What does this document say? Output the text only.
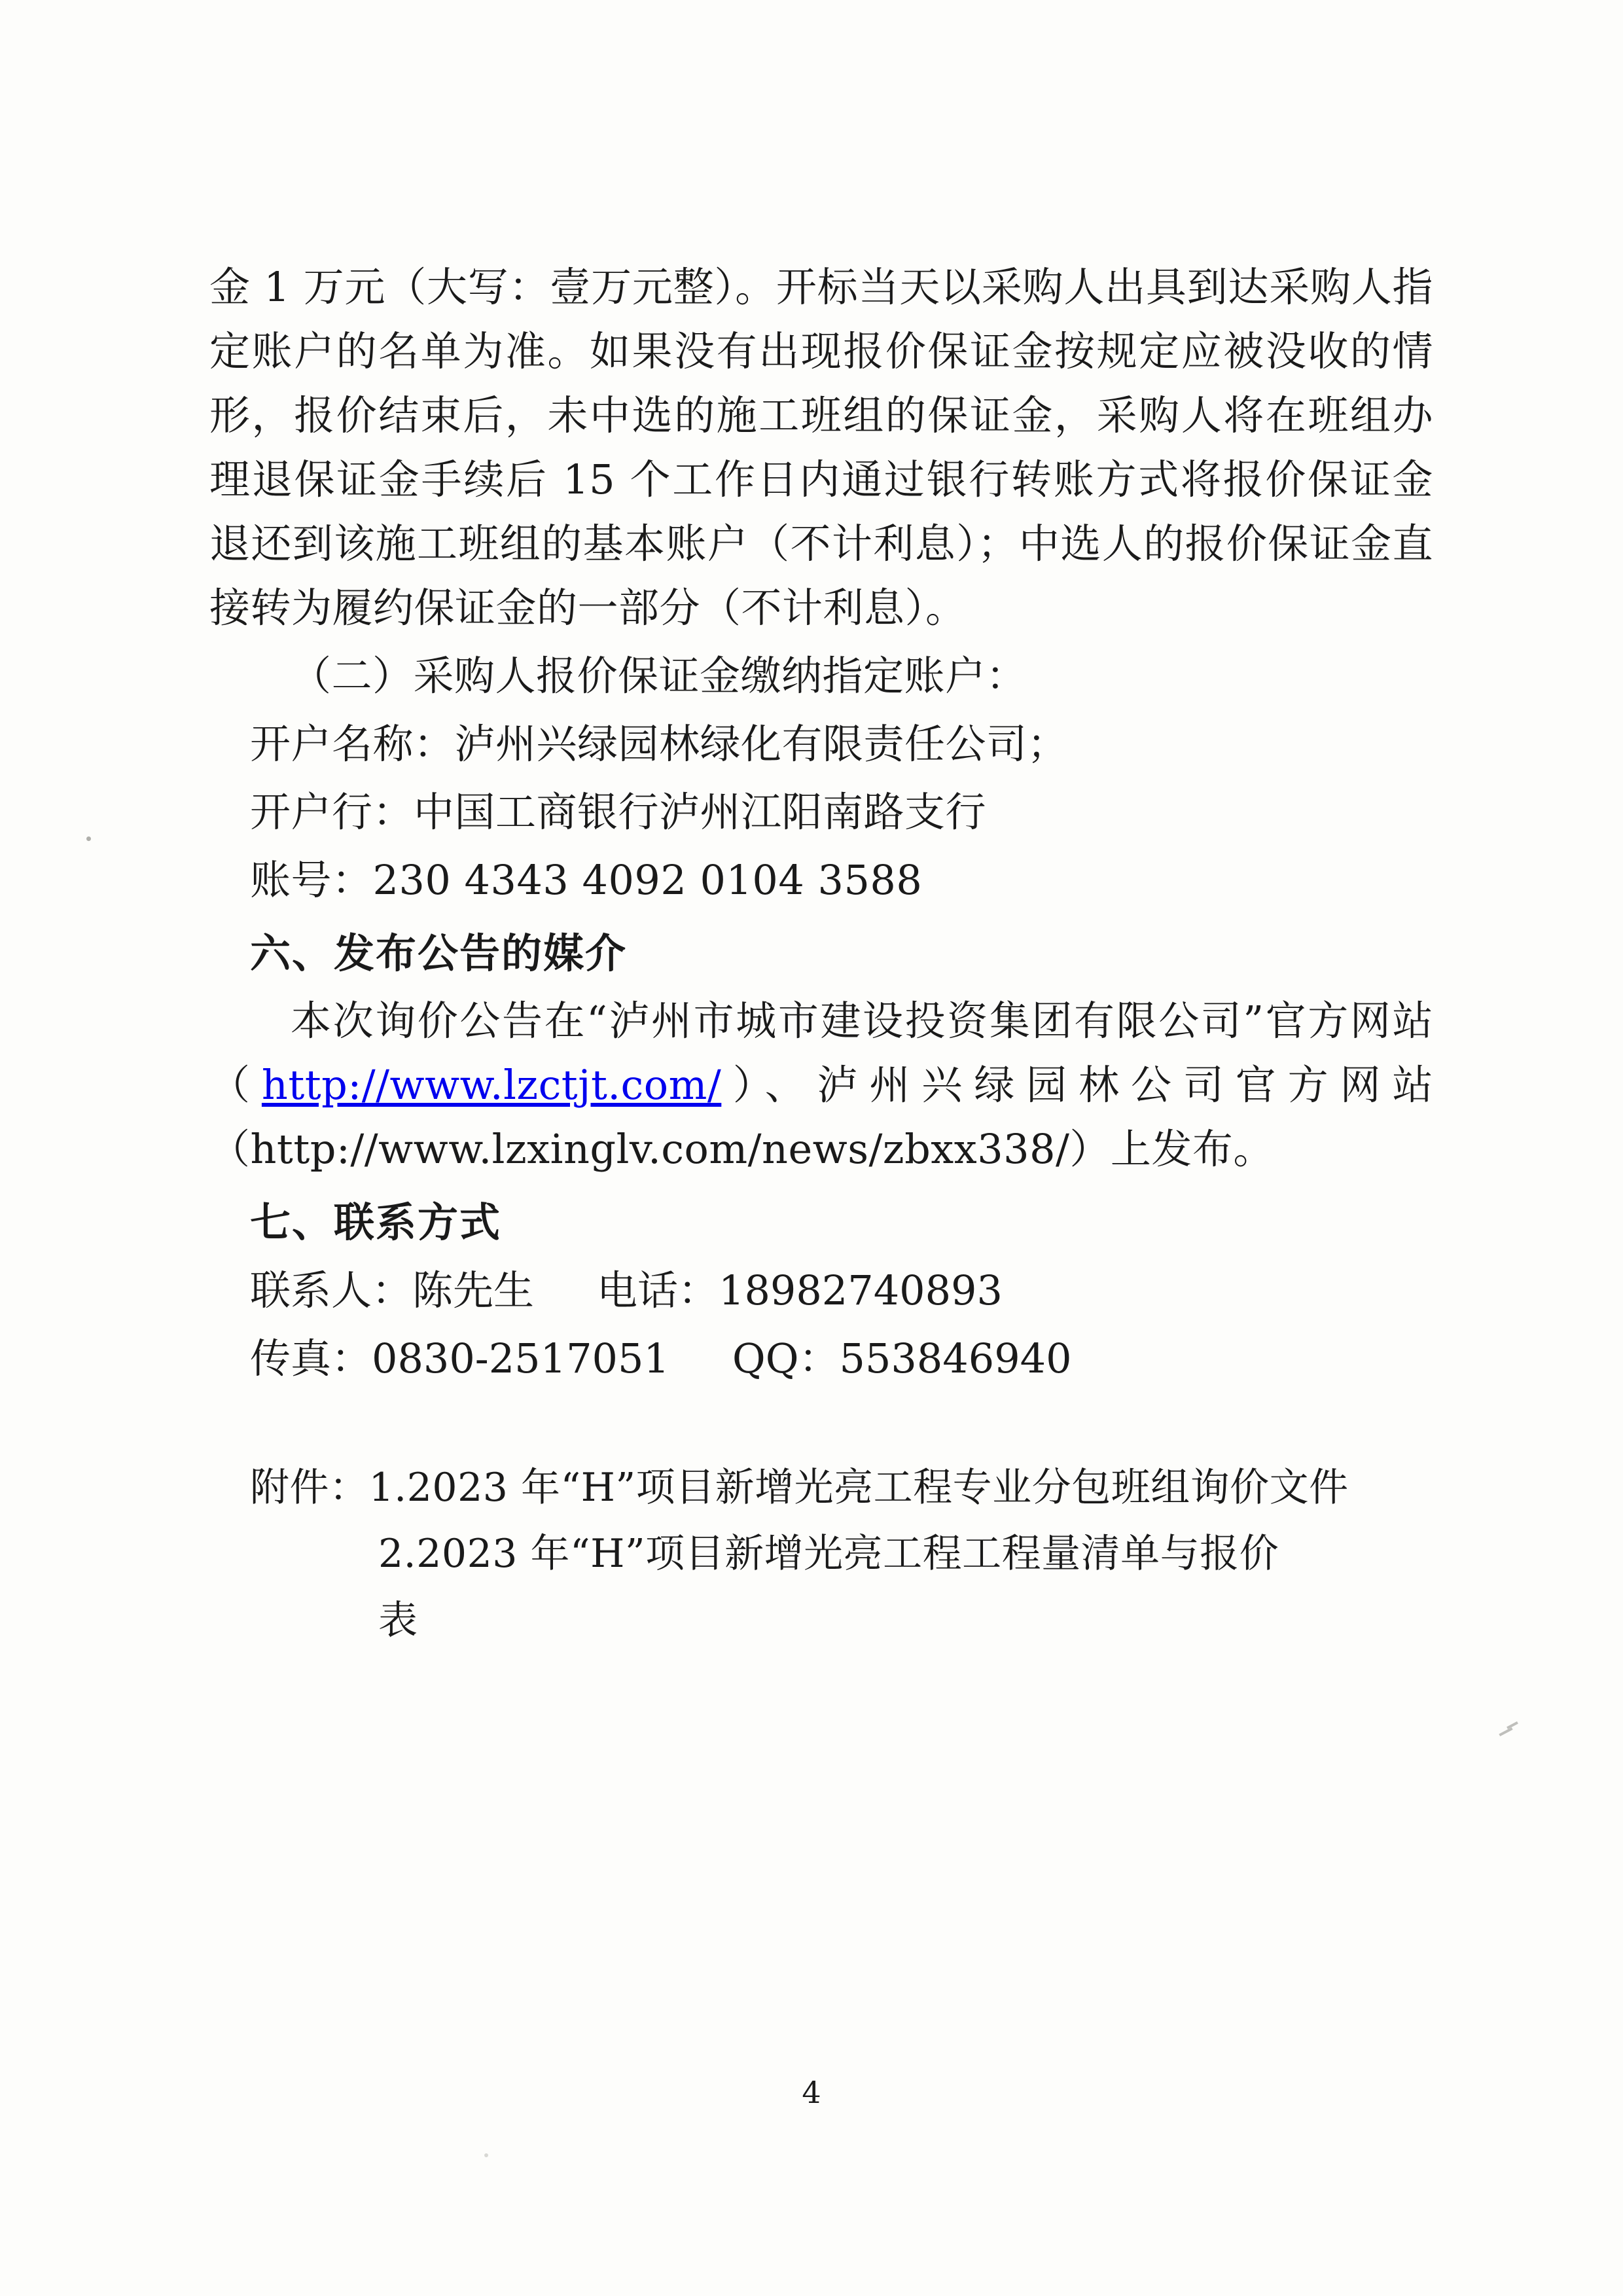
金 1 万元（大写：壹万元整）。开标当天以采购人出具到达采购人指定账户的名单为准。如果没有出现报价保证金按规定应被没收的情形，报价结束后，未中选的施工班组的保证金，采购人将在班组办理退保证金手续后 15 个工作日内通过银行转账方式将报价保证金退还到该施工班组的基本账户（不计利息）；中选人的报价保证金直接转为履约保证金的一部分（不计利息）。

（二）采购人报价保证金缴纳指定账户：

开户名称：泸州兴绿园林绿化有限责任公司；

开户行：中国工商银行泸州江阳南路支行

账号：230 4343 4092 0104 3588

六、发布公告的媒介

本次询价公告在“泸州市城市建设投资集团有限公司”官方网站（http://www.lzctjt.com/）、泸州兴绿园林公司官方网站（http://www.lzxinglv.com/news/zbxx338/）上发布。

七、联系方式

联系人：陈先生 电话：18982740893
传真：0830-2517051 QQ：553846940

附件：1.2023 年“H”项目新增光亮工程专业分包班组询价文件

2.2023 年“H”项目新增光亮工程工程量清单与报价

表

4
